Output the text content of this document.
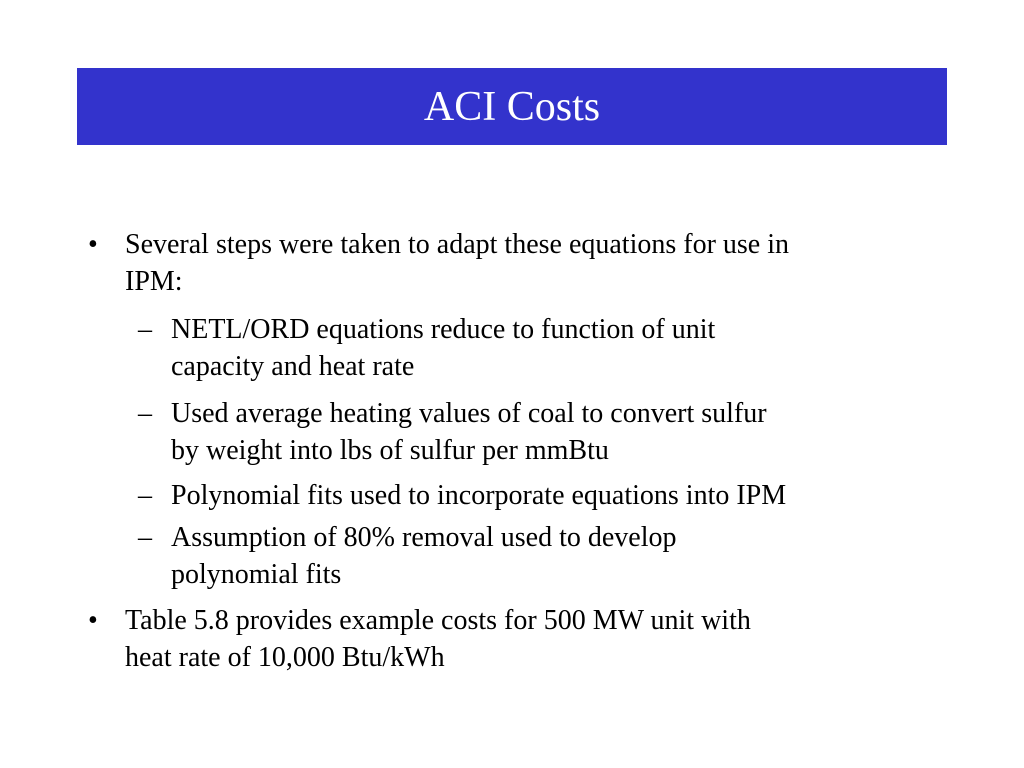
ACI Costs
• Several steps were taken to adapt these equations for use in
IPM:
– NETL/ORD equations reduce to function of unit
capacity and heat rate
– Used average heating values of coal to convert sulfur
by weight into lbs of sulfur per mmBtu
– Polynomial fits used to incorporate equations into IPM
– Assumption of 80% removal used to develop
polynomial fits
• Table 5.8 provides example costs for 500 MW unit with
heat rate of 10,000 Btu/kWh
